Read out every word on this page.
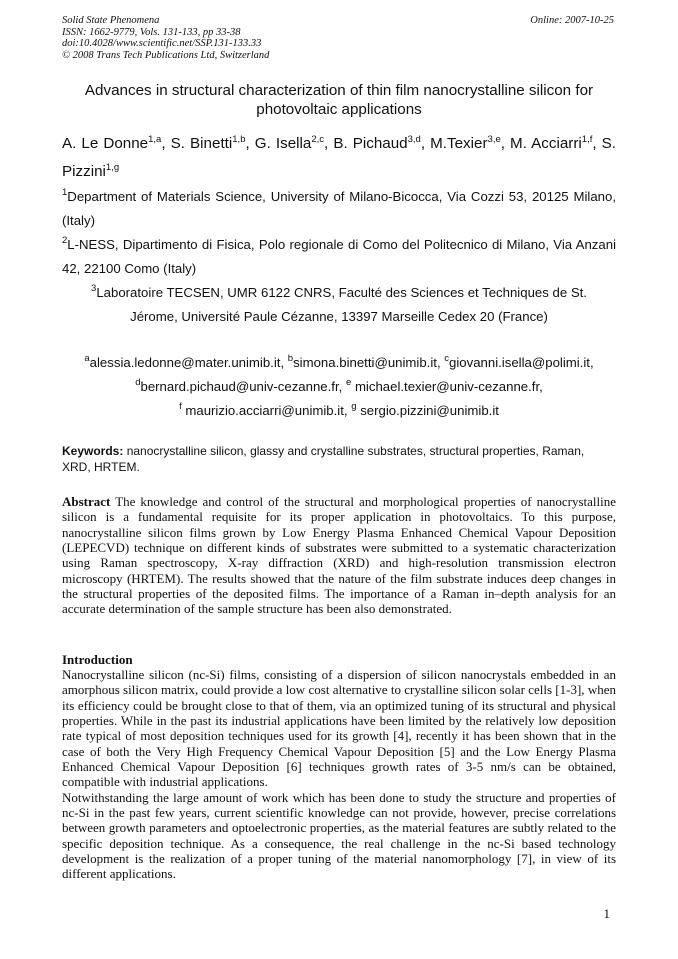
Solid State Phenomena
ISSN: 1662-9779, Vols. 131-133, pp 33-38
doi:10.4028/www.scientific.net/SSP.131-133.33
© 2008 Trans Tech Publications Ltd, Switzerland
Online: 2007-10-25
Advances in structural characterization of thin film nanocrystalline silicon for photovoltaic applications
A. Le Donne$^{1,a}$, S. Binetti$^{1,b}$, G. Isella$^{2,c}$, B. Pichaud$^{3,d}$, M.Texier$^{3,e}$, M. Acciarri$^{1,f}$, S. Pizzini$^{1,g}$
$^1$Department of Materials Science, University of Milano-Bicocca, Via Cozzi 53, 20125 Milano, (Italy)
$^2$L-NESS, Dipartimento di Fisica, Polo regionale di Como del Politecnico di Milano, Via Anzani 42, 22100 Como (Italy)
$^3$Laboratoire TECSEN, UMR 6122 CNRS, Faculté des Sciences et Techniques de St.
Jérome, Université Paule Cézanne, 13397 Marseille Cedex 20 (France)
$^a$alessia.ledonne@mater.unimib.it, $^b$simona.binetti@unimib.it, $^c$giovanni.isella@polimi.it,
$^d$bernard.pichaud@univ-cezanne.fr, $^e$ michael.texier@univ-cezanne.fr,
$^f$ maurizio.acciarri@unimib.it, $^g$ sergio.pizzini@unimib.it
Keywords: nanocrystalline silicon, glassy and crystalline substrates, structural properties, Raman, XRD, HRTEM.
Abstract The knowledge and control of the structural and morphological properties of nanocrystalline silicon is a fundamental requisite for its proper application in photovoltaics. To this purpose, nanocrystalline silicon films grown by Low Energy Plasma Enhanced Chemical Vapour Deposition (LEPECVD) technique on different kinds of substrates were submitted to a systematic characterization using Raman spectroscopy, X-ray diffraction (XRD) and high-resolution transmission electron microscopy (HRTEM). The results showed that the nature of the film substrate induces deep changes in the structural properties of the deposited films. The importance of a Raman in–depth analysis for an accurate determination of the sample structure has been also demonstrated.
Introduction

Nanocrystalline silicon (nc-Si) films, consisting of a dispersion of silicon nanocrystals embedded in an amorphous silicon matrix, could provide a low cost alternative to crystalline silicon solar cells [1-3], when its efficiency could be brought close to that of them, via an optimized tuning of its structural and physical properties. While in the past its industrial applications have been limited by the relatively low deposition rate typical of most deposition techniques used for its growth [4], recently it has been shown that in the case of both the Very High Frequency Chemical Vapour Deposition [5] and the Low Energy Plasma Enhanced Chemical Vapour Deposition [6] techniques growth rates of 3-5 nm/s can be obtained, compatible with industrial applications.

Notwithstanding the large amount of work which has been done to study the structure and properties of nc-Si in the past few years, current scientific knowledge can not provide, however, precise correlations between growth parameters and optoelectronic properties, as the material features are subtly related to the specific deposition technique. As a consequence, the real challenge in the nc-Si based technology development is the realization of a proper tuning of the material nanomorphology [7], in view of its different applications.

1
